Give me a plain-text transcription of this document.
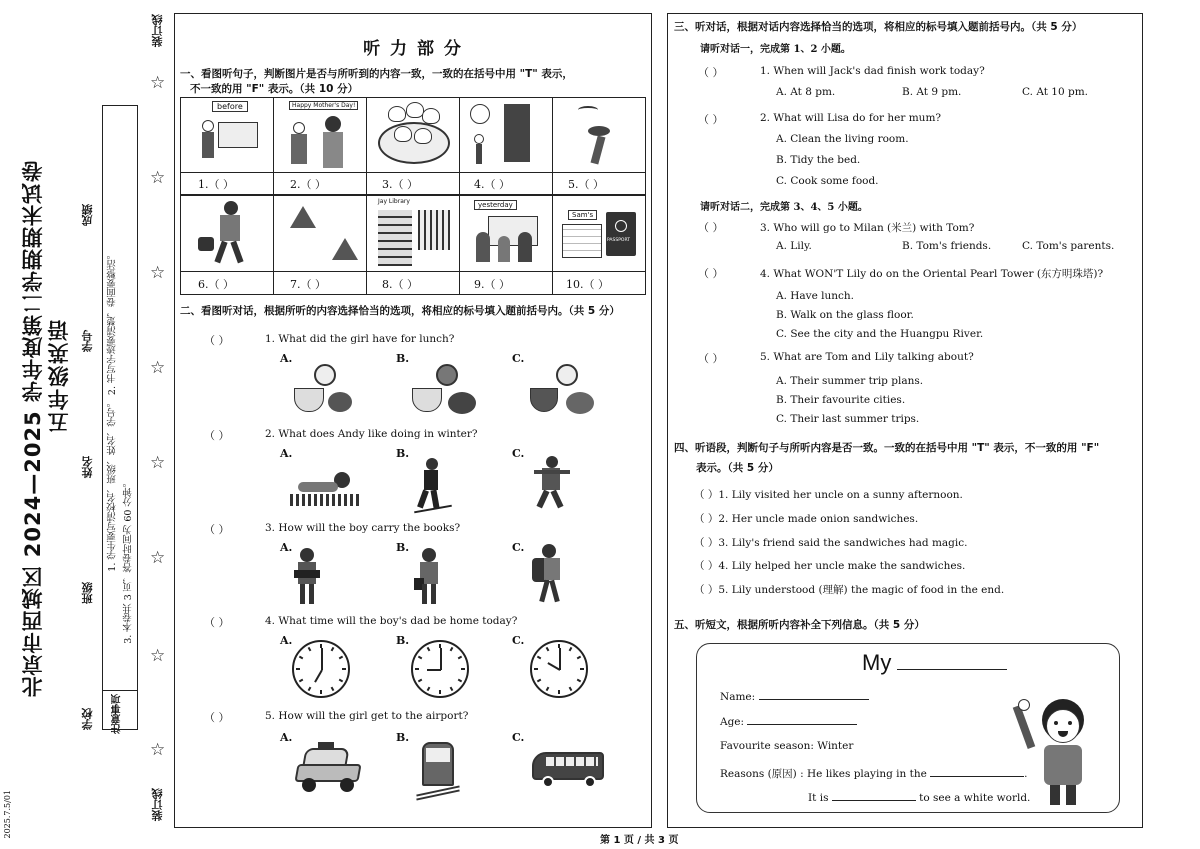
装订线
装订线
☆
☆
☆
☆
☆
☆
☆
☆
北京市西城区 2024—2025 学年度第二学期期末试卷 五年级英语
成绩
学号
姓名
班级
学校 注意事项
1. 学生要写清校名、班级、姓名、学号。 2. 书写字迹要清楚，卷面要整洁。 3. 本卷共 3 页，答卷时间为 60 分钟。
2025.7.5/01
听 力 部 分
一、看图听句子，判断图片是否与所听到的内容一致，一致的在括号中用 "T" 表示，
不一致的用 "F" 表示。（共 10 分）
before	Happy Mother's Day!
1.（ ）	2.（ ）	3.（ ）	4.（ ）	5.（ ）
Jay Library	yesterday
Sam's
PASSPORT
6.（ ）	7.（ ）	8.（ ）	9.（ ）	10.（ ）
二、看图听对话，根据所听的内容选择恰当的选项，将相应的标号填入题前括号内。（共 5 分）
（ ）	1. What did the girl have for lunch?
A.	B.	C.
（ ）	2. What does Andy like doing in winter?
A.	B.	C.
（ ）	3. How will the boy carry the books?
A.	B.	C.
（ ）	4. What time will the boy's dad be home today?
A.	B.	C.
（ ）	5. How will the girl get to the airport?
A.	B.	C.
三、听对话，根据对话内容选择恰当的选项，将相应的标号填入题前括号内。（共 5 分）
请听对话一，完成第 1、2 小题。
（ ）	1. When will Jack's dad finish work today?
A. At 8 pm.	B. At 9 pm.	C. At 10 pm.
（ ）	2. What will Lisa do for her mum?
A. Clean the living room.
B. Tidy the bed.
C. Cook some food.
请听对话二，完成第 3、4、5 小题。
（ ）	3. Who will go to Milan (米兰) with Tom?
A. Lily.	B. Tom's friends.	C. Tom's parents.
（ ）	4. What WON'T Lily do on the Oriental Pearl Tower (东方明珠塔)?
A. Have lunch.
B. Walk on the glass floor.
C. See the city and the Huangpu River.
（ ）	5. What are Tom and Lily talking about?
A. Their summer trip plans.
B. Their favourite cities.
C. Their last summer trips.
四、听语段，判断句子与所听内容是否一致。一致的在括号中用 "T" 表示，不一致的用 "F"
表示。（共 5 分）
（ ）1. Lily visited her uncle on a sunny afternoon.
（ ）2. Her uncle made onion sandwiches.
（ ）3. Lily's friend said the sandwiches had magic.
（ ）4. Lily helped her uncle make the sandwiches.
（ ）5. Lily understood (理解) the magic of food in the end.
五、听短文，根据所听内容补全下列信息。（共 5 分）
My
Name:
Age:
Favourite season: Winter
Reasons (原因) : He likes playing in the	.
It is	to see a white world.
第 1 页 / 共 3 页
